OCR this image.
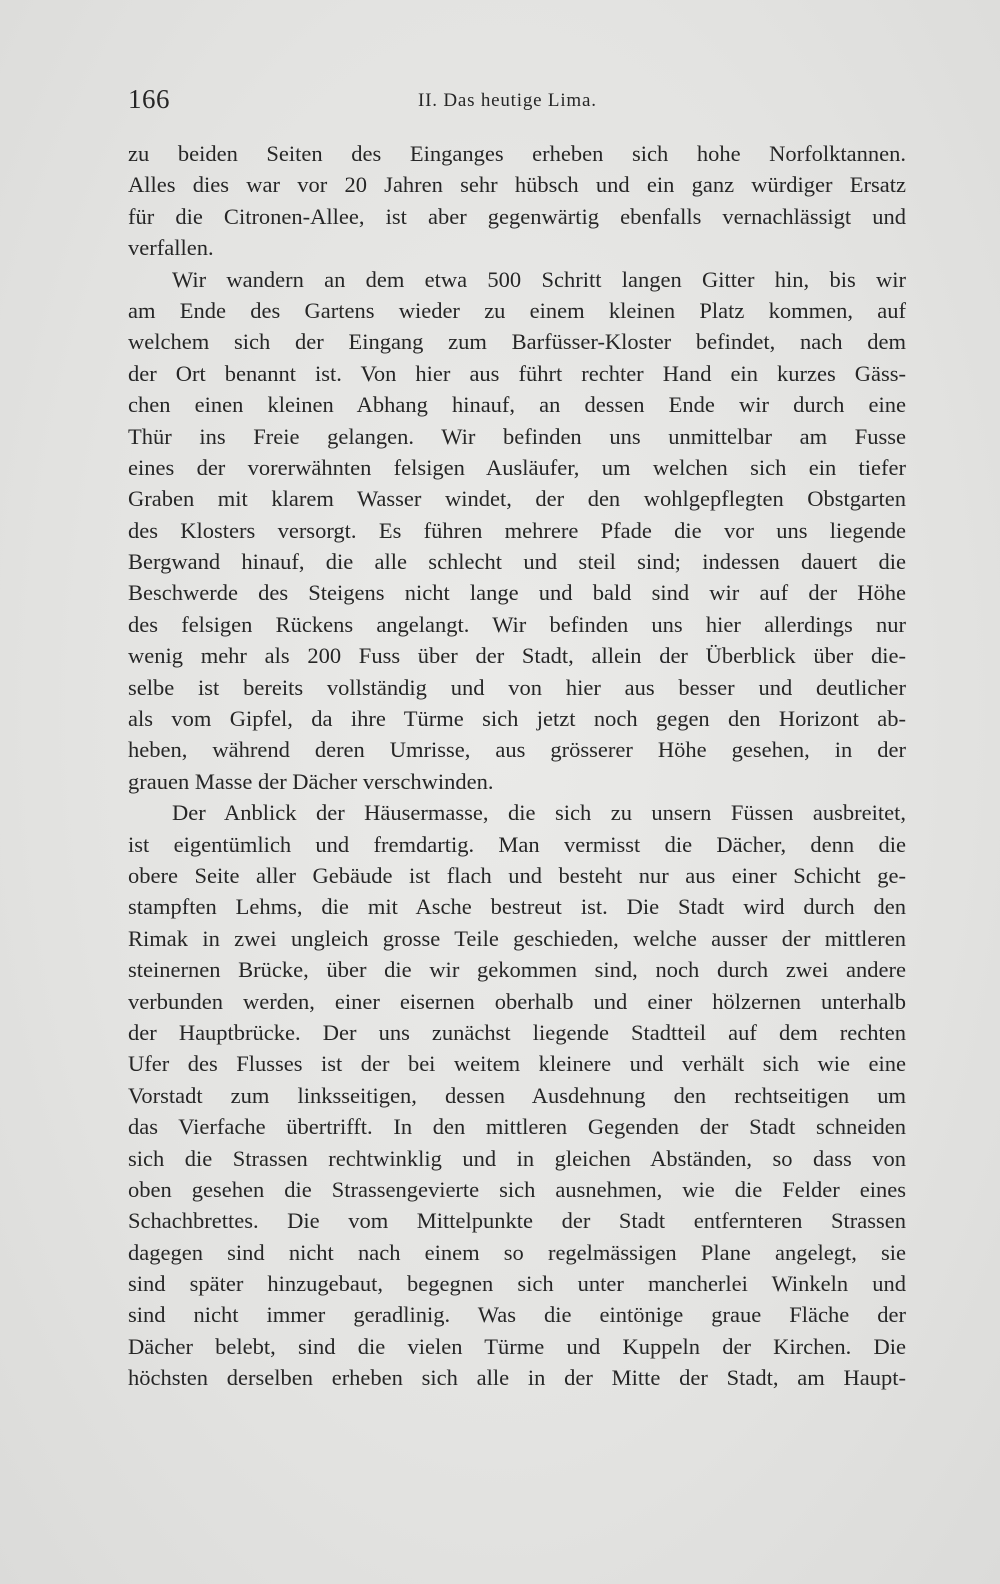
166	II. Das heutige Lima.
zu beiden Seiten des Einganges erheben sich hohe Norfolktannen.
Alles dies war vor 20 Jahren sehr hübsch und ein ganz würdiger Ersatz
für die Citronen-Allee, ist aber gegenwärtig ebenfalls vernachlässigt und
verfallen.
Wir wandern an dem etwa 500 Schritt langen Gitter hin, bis wir
am Ende des Gartens wieder zu einem kleinen Platz kommen, auf
welchem sich der Eingang zum Barfüsser-Kloster befindet, nach dem
der Ort benannt ist. Von hier aus führt rechter Hand ein kurzes Gäss-
chen einen kleinen Abhang hinauf, an dessen Ende wir durch eine
Thür ins Freie gelangen. Wir befinden uns unmittelbar am Fusse
eines der vorerwähnten felsigen Ausläufer, um welchen sich ein tiefer
Graben mit klarem Wasser windet, der den wohlgepflegten Obstgarten
des Klosters versorgt. Es führen mehrere Pfade die vor uns liegende
Bergwand hinauf, die alle schlecht und steil sind; indessen dauert die
Beschwerde des Steigens nicht lange und bald sind wir auf der Höhe
des felsigen Rückens angelangt. Wir befinden uns hier allerdings nur
wenig mehr als 200 Fuss über der Stadt, allein der Überblick über die-
selbe ist bereits vollständig und von hier aus besser und deutlicher
als vom Gipfel, da ihre Türme sich jetzt noch gegen den Horizont ab-
heben, während deren Umrisse, aus grösserer Höhe gesehen, in der
grauen Masse der Dächer verschwinden.
Der Anblick der Häusermasse, die sich zu unsern Füssen ausbreitet,
ist eigentümlich und fremdartig. Man vermisst die Dächer, denn die
obere Seite aller Gebäude ist flach und besteht nur aus einer Schicht ge-
stampften Lehms, die mit Asche bestreut ist. Die Stadt wird durch den
Rimak in zwei ungleich grosse Teile geschieden, welche ausser der mittleren
steinernen Brücke, über die wir gekommen sind, noch durch zwei andere
verbunden werden, einer eisernen oberhalb und einer hölzernen unterhalb
der Hauptbrücke. Der uns zunächst liegende Stadtteil auf dem rechten
Ufer des Flusses ist der bei weitem kleinere und verhält sich wie eine
Vorstadt zum linksseitigen, dessen Ausdehnung den rechtseitigen um
das Vierfache übertrifft. In den mittleren Gegenden der Stadt schneiden
sich die Strassen rechtwinklig und in gleichen Abständen, so dass von
oben gesehen die Strassengevierte sich ausnehmen, wie die Felder eines
Schachbrettes. Die vom Mittelpunkte der Stadt entfernteren Strassen
dagegen sind nicht nach einem so regelmässigen Plane angelegt, sie
sind später hinzugebaut, begegnen sich unter mancherlei Winkeln und
sind nicht immer geradlinig. Was die eintönige graue Fläche der
Dächer belebt, sind die vielen Türme und Kuppeln der Kirchen. Die
höchsten derselben erheben sich alle in der Mitte der Stadt, am Haupt-
